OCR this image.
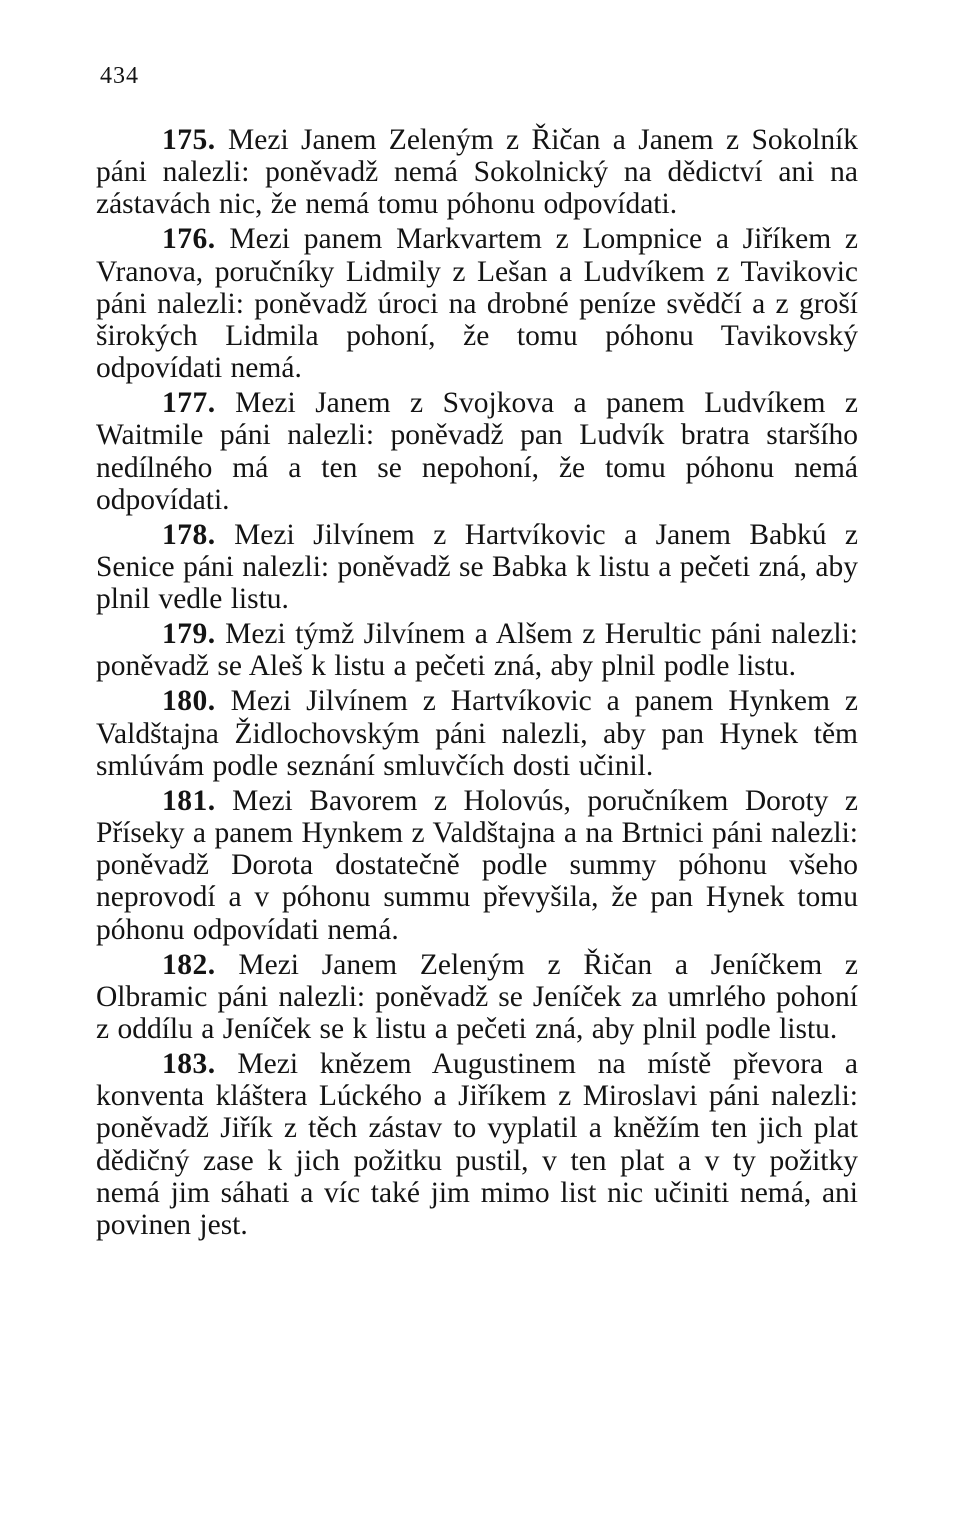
434

175. Mezi Janem Zeleným z Řičan a Janem z Sokolník páni nalezli: poněvadž nemá Sokolnický na dědictví ani na zástavách nic, že nemá tomu póhonu odpovídati.

176. Mezi panem Markvartem z Lompnice a Jiříkem z Vranova, poručníky Lidmily z Lešan a Ludvíkem z Tavikovic páni nalezli: poněvadž úroci na drobné peníze svědčí a z groší širokých Lidmila pohoní, že tomu póhonu Tavikovský odpovídati nemá.

177. Mezi Janem z Svojkova a panem Ludvíkem z Waitmile páni nalezli: poněvadž pan Ludvík bratra staršího nedílného má a ten se nepohoní, že tomu póhonu nemá odpovídati.

178. Mezi Jilvínem z Hartvíkovic a Janem Babkú z Senice páni nalezli: poněvadž se Babka k listu a pečeti zná, aby plnil vedle listu.

179. Mezi týmž Jilvínem a Alšem z Herultic páni nalezli: poněvadž se Aleš k listu a pečeti zná, aby plnil podle listu.

180. Mezi Jilvínem z Hartvíkovic a panem Hynkem z Valdštajna Židlochovským páni nalezli, aby pan Hynek těm smlúvám podle seznání smluvčích dosti učinil.

181. Mezi Bavorem z Holovús, poručníkem Doroty z Příseky a panem Hynkem z Valdštajna a na Brtnici páni nalezli: poněvadž Dorota dostatečně podle summy póhonu všeho neprovodí a v póhonu summu převyšila, že pan Hynek tomu póhonu odpovídati nemá.

182. Mezi Janem Zeleným z Řičan a Jeníčkem z Olbramic páni nalezli: poněvadž se Jeníček za umrlého pohoní z oddílu a Jeníček se k listu a pečeti zná, aby plnil podle listu.

183. Mezi knězem Augustinem na místě převora a konventa kláštera Lúckého a Jiříkem z Miroslavi páni nalezli: poněvadž Jiřík z těch zástav to vyplatil a kněžím ten jich plat dědičný zase k jich požitku pustil, v ten plat a v ty požitky nemá jim sáhati a víc také jim mimo list nic učiniti nemá, ani povinen jest.
